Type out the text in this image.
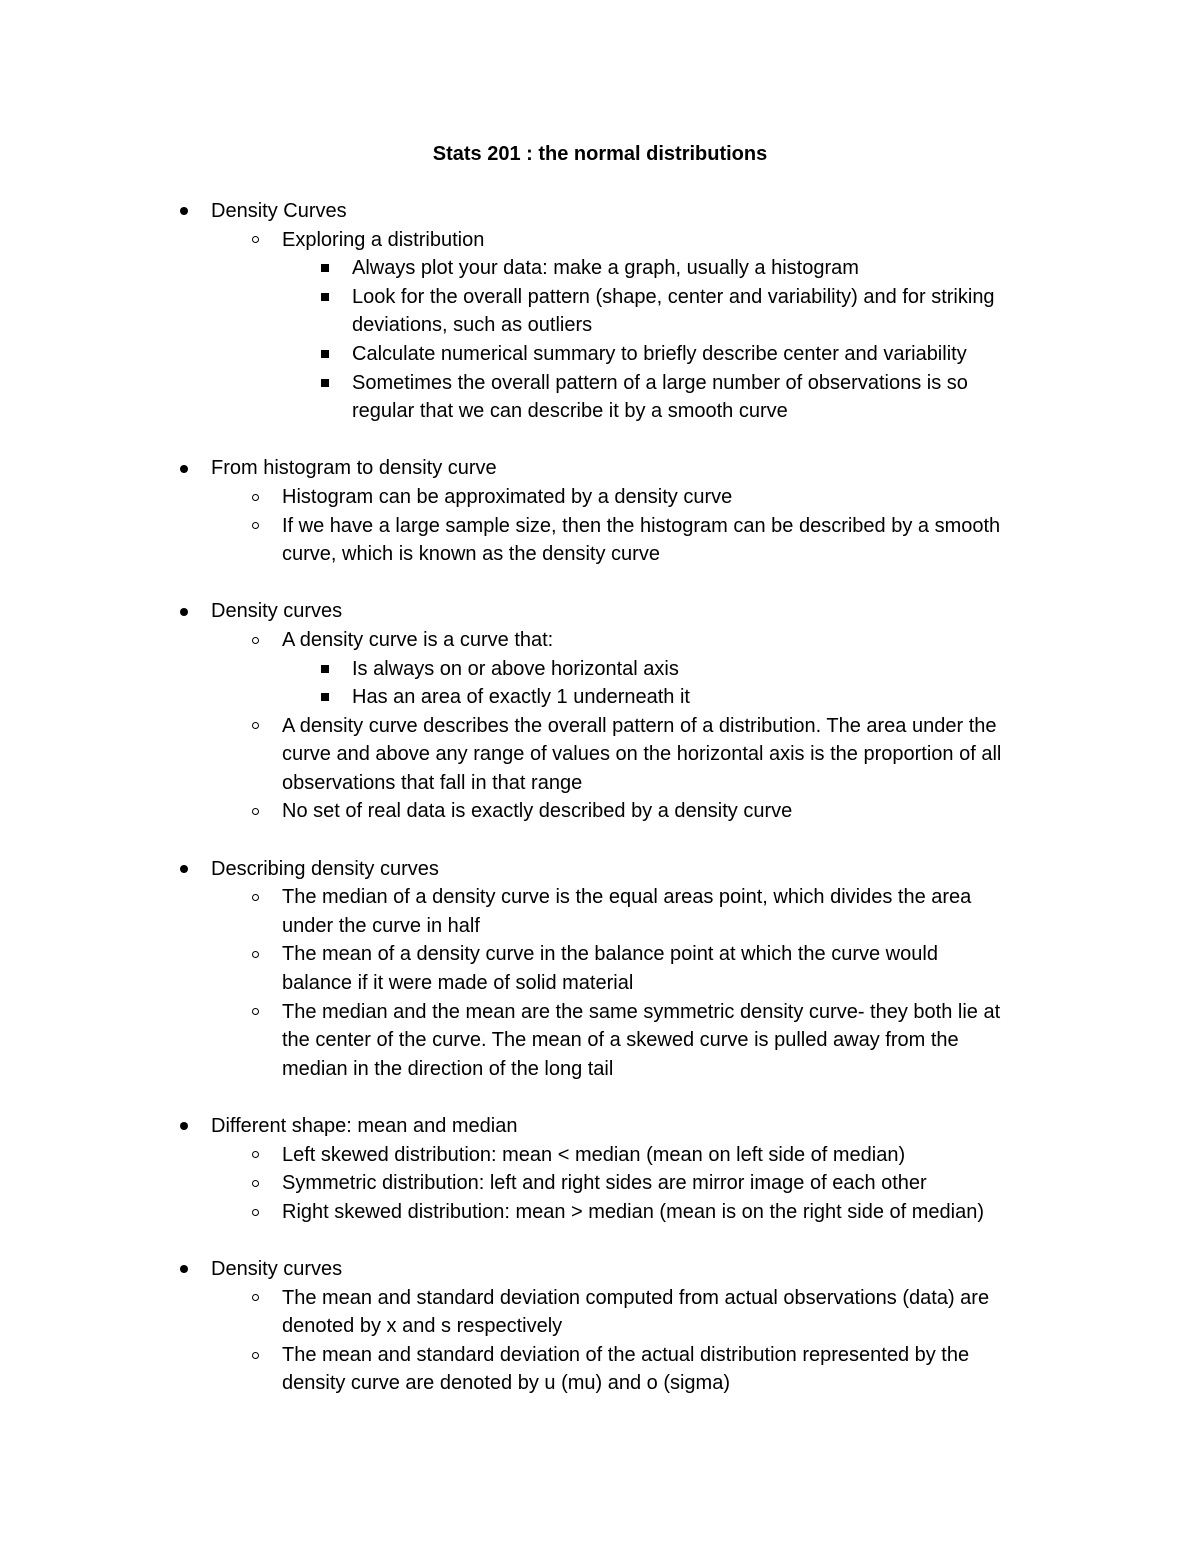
Stats 201 : the normal distributions
Density Curves
Exploring a distribution
Always plot your data: make a graph, usually a histogram
Look for the overall pattern (shape, center and variability) and for striking
deviations, such as outliers
Calculate numerical summary to briefly describe center and variability
Sometimes the overall pattern of a large number of observations is so
regular that we can describe it by a smooth curve
From histogram to density curve
Histogram can be approximated by a density curve
If we have a large sample size, then the histogram can be described by a smooth
curve, which is known as the density curve
Density curves
A density curve is a curve that:
Is always on or above horizontal axis
Has an area of exactly 1 underneath it
A density curve describes the overall pattern of a distribution. The area under the
curve and above any range of values on the horizontal axis is the proportion of all
observations that fall in that range
No set of real data is exactly described by a density curve
Describing density curves
The median of a density curve is the equal areas point, which divides the area
under the curve in half
The mean of a density curve in the balance point at which the curve would
balance if it were made of solid material
The median and the mean are the same symmetric density curve- they both lie at
the center of the curve. The mean of a skewed curve is pulled away from the
median in the direction of the long tail
Different shape: mean and median
Left skewed distribution: mean < median (mean on left side of median)
Symmetric distribution: left and right sides are mirror image of each other
Right skewed distribution: mean > median (mean is on the right side of median)
Density curves
The mean and standard deviation computed from actual observations (data) are
denoted by x and s respectively
The mean and standard deviation of the actual distribution represented by the
density curve are denoted by u (mu) and o (sigma)
